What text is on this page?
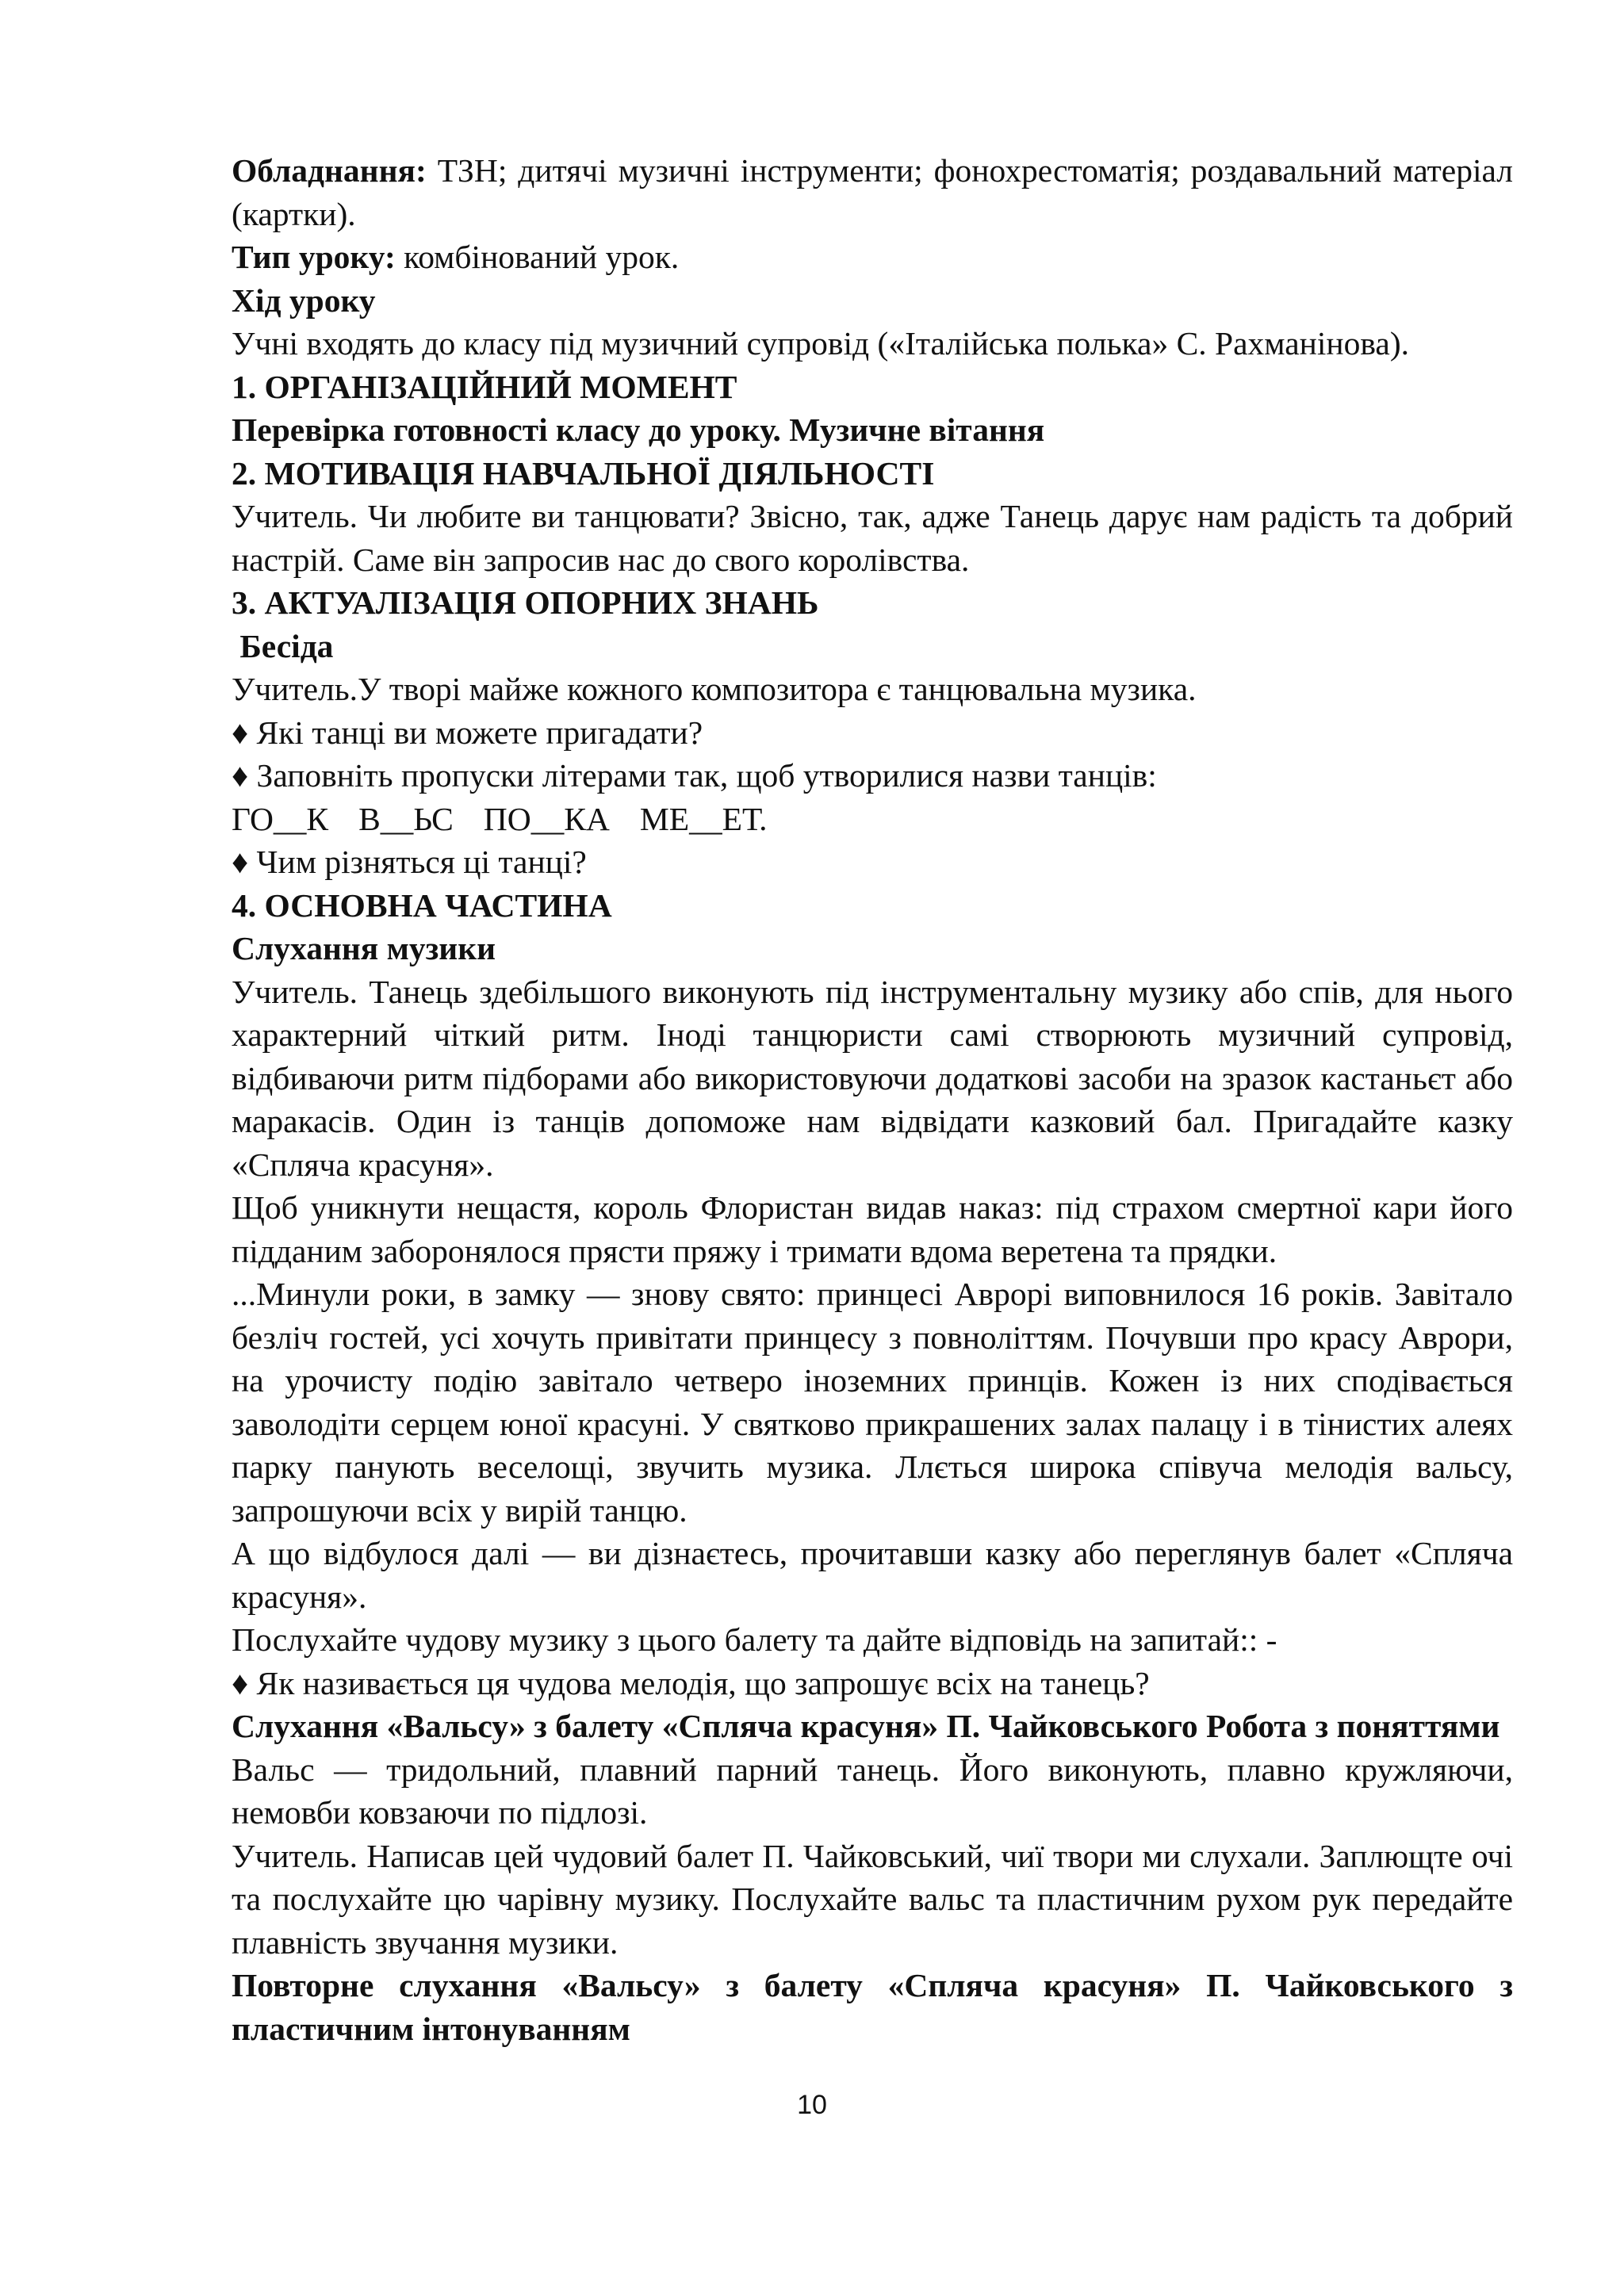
Обладнання: ТЗН; дитячі музичні інструменти; фонохрестоматія; роздавальний матеріал
(картки).
Тип уроку: комбінований урок.
Хід уроку
Учні входять до класу під музичний супровід («Італійська полька» С. Рахманінова).
1. ОРГАНІЗАЦІЙНИЙ МОМЕНТ
Перевірка готовності класу до уроку. Музичне вітання
2. МОТИВАЦІЯ НАВЧАЛЬНОЇ ДІЯЛЬНОСТІ
Учитель. Чи любите ви танцювати? Звісно, так, адже Танець дарує нам радість та добрий
настрій. Саме він запросив нас до свого королівства.
3. АКТУАЛІЗАЦІЯ ОПОРНИХ ЗНАНЬ
Бесіда
Учитель.У творі майже кожного композитора є танцювальна музика.
♦ Які танці ви можете пригадати?
♦ Заповніть пропуски літерами так, щоб утворилися назви танців:
ГО__К В__ЬС ПО__КА МЕ__ЕТ.
♦ Чим різняться ці танці?
4. ОСНОВНА ЧАСТИНА
Слухання музики
Учитель. Танець здебільшого виконують під інструментальну музику або спів, для нього
характерний чіткий ритм. Іноді танцюристи самі створюють музичний супровід,
відбиваючи ритм підборами або використовуючи додаткові засоби на зразок кастаньєт або
маракасів. Один із танців допоможе нам відвідати казковий бал. Пригадайте казку
«Спляча красуня».
Щоб уникнути нещастя, король Флористан видав наказ: під страхом смертної кари його
підданим заборонялося прясти пряжу і тримати вдома веретена та прядки.
...Минули роки, в замку — знову свято: принцесі Аврорі виповнилося 16 років. Завітало
безліч гостей, усі хочуть привітати принцесу з повноліттям. Почувши про красу Аврори,
на урочисту подію завітало четверо іноземних принців. Кожен із них сподівається
заволодіти серцем юної красуні. У святково прикрашених залах палацу і в тінистих алеях
парку панують веселощі, звучить музика. Ллється широка співуча мелодія вальсу,
запрошуючи всіх у вирій танцю.
А що відбулося далі — ви дізнаєтесь, прочитавши казку або переглянув балет «Спляча
красуня».
Послухайте чудову музику з цього балету та дайте відповідь на запитай:: -
♦ Як називається ця чудова мелодія, що запрошує всіх на танець?
Слухання «Вальсу» з балету «Спляча красуня» П. Чайковського Робота з поняттями
Вальс — тридольний, плавний парний танець. Його виконують, плавно кружляючи,
немовби ковзаючи по підлозі.
Учитель. Написав цей чудовий балет П. Чайковський, чиї твори ми слухали. Заплющте очі
та послухайте цю чарівну музику. Послухайте вальс та пластичним рухом рук передайте
плавність звучання музики.
Повторне слухання «Вальсу» з балету «Спляча красуня» П. Чайковського з
пластичним інтонуванням
10
